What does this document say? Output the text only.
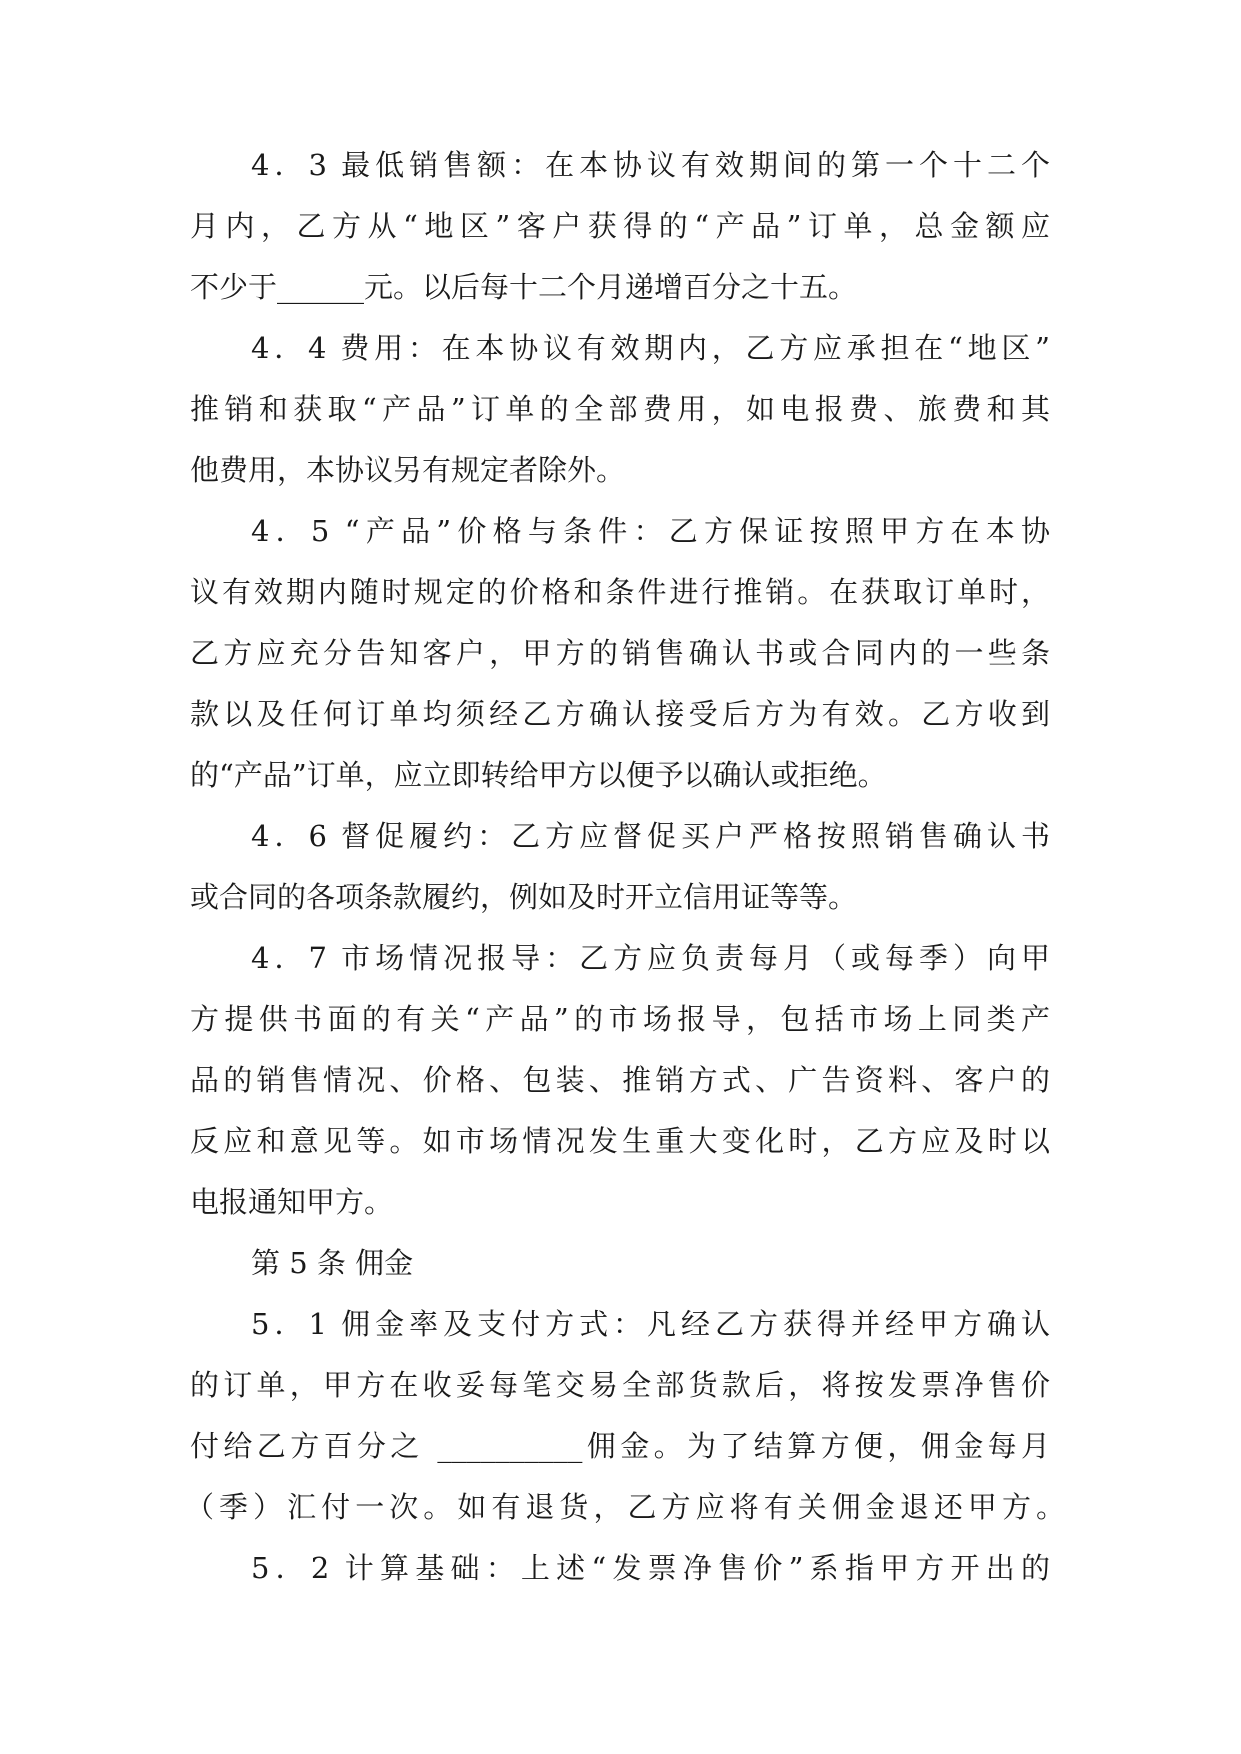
4．3 最低销售额：在本协议有效期间的第一个十二个
月内，乙方从“地区”客户获得的“产品”订单，总金额应
不少于______元。以后每十二个月递增百分之十五。
4．4 费用：在本协议有效期内，乙方应承担在“地区”
推销和获取“产品”订单的全部费用，如电报费、旅费和其
他费用，本协议另有规定者除外。
4．5 “产品”价格与条件：乙方保证按照甲方在本协
议有效期内随时规定的价格和条件进行推销。在获取订单时，
乙方应充分告知客户，甲方的销售确认书或合同内的一些条
款以及任何订单均须经乙方确认接受后方为有效。乙方收到
的“产品”订单，应立即转给甲方以便予以确认或拒绝。
4．6 督促履约：乙方应督促买户严格按照销售确认书
或合同的各项条款履约，例如及时开立信用证等等。
4．7 市场情况报导：乙方应负责每月（或每季）向甲
方提供书面的有关“产品”的市场报导，包括市场上同类产
品的销售情况、价格、包装、推销方式、广告资料、客户的
反应和意见等。如市场情况发生重大变化时，乙方应及时以
电报通知甲方。
第 5 条 佣金
5．1 佣金率及支付方式：凡经乙方获得并经甲方确认
的订单，甲方在收妥每笔交易全部货款后，将按发票净售价
付给乙方百分之 __________佣金。为了结算方便，佣金每月
（季）汇付一次。如有退货，乙方应将有关佣金退还甲方。
5．2 计算基础：上述“发票净售价”系指甲方开出的
